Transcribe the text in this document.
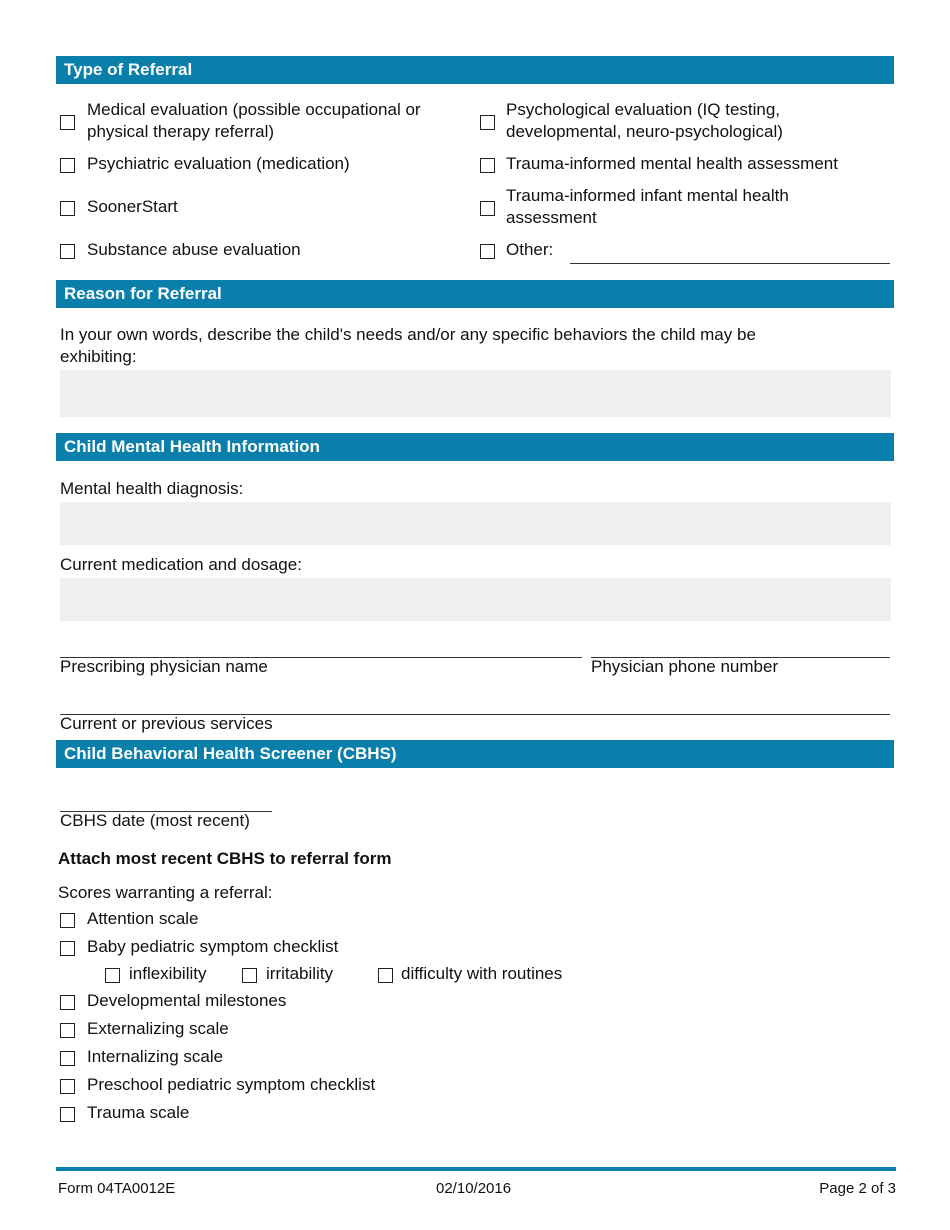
Type of Referral
Medical evaluation (possible occupational or
physical therapy referral)
Psychiatric evaluation (medication)
SoonerStart
Substance abuse evaluation
Psychological evaluation (IQ testing,
developmental, neuro-psychological)
Trauma-informed mental health assessment
Trauma-informed infant mental health
assessment
Other:
Reason for Referral
In your own words, describe the child's needs and/or any specific behaviors the child may be
exhibiting:
Child Mental Health Information
Mental health diagnosis:
Current medication and dosage:
Prescribing physician name	Physician phone number
Current or previous services
Child Behavioral Health Screener (CBHS)
CBHS date (most recent)
Attach most recent CBHS to referral form
Scores warranting a referral:
Attention scale
Baby pediatric symptom checklist
inflexibility	irritability	difficulty with routines
Developmental milestones
Externalizing scale
Internalizing scale
Preschool pediatric symptom checklist
Trauma scale
Form 04TA0012E	02/10/2016	Page 2 of 3
